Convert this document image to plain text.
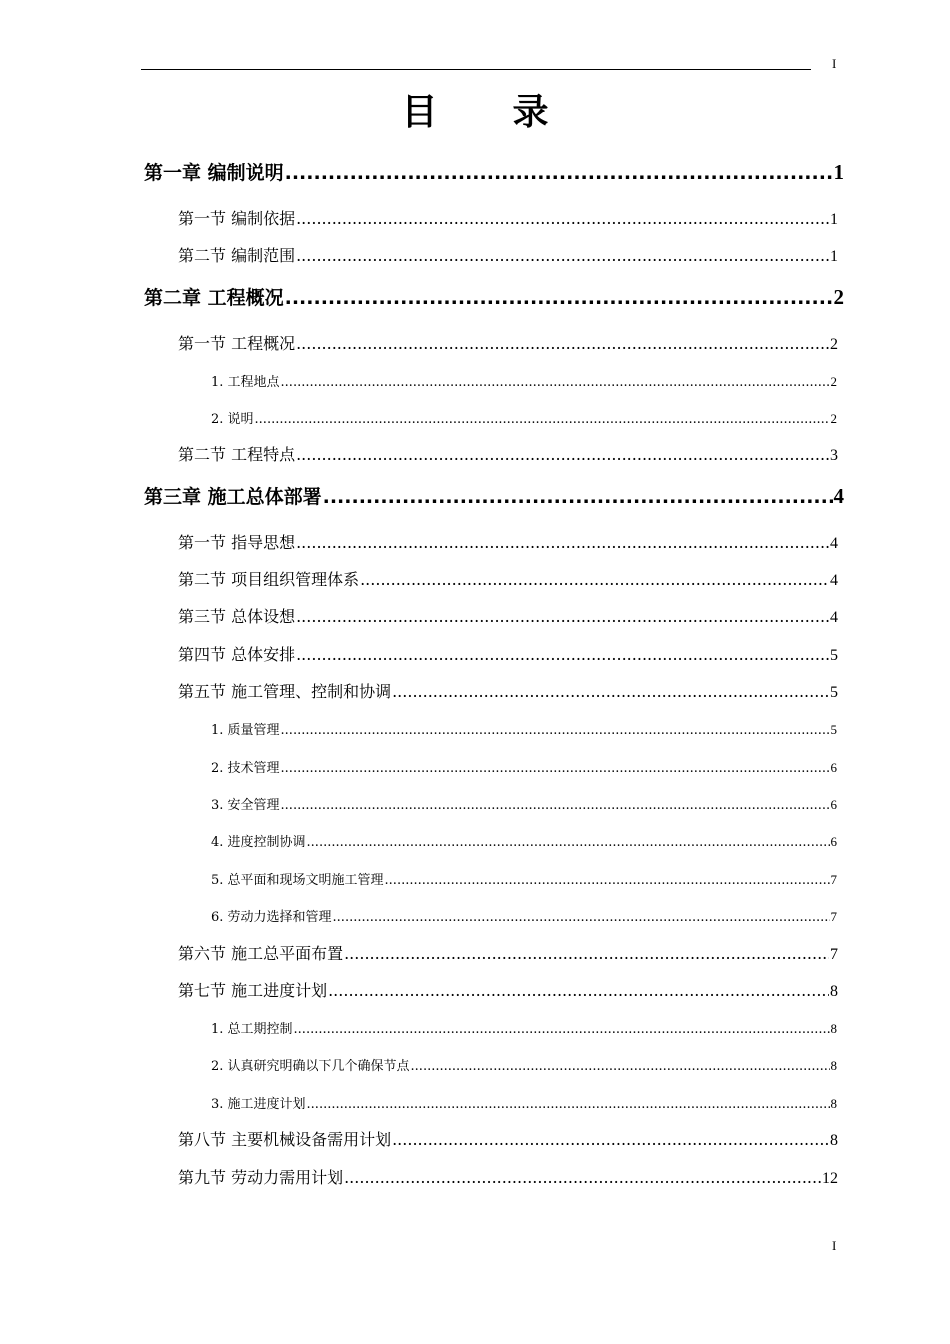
I
目 录
第一章 编制说明 .....	1
第一节 编制依据 .....	1
第二节 编制范围 .....	1
第二章 工程概况 .....	2
第一节 工程概况 .....	2
1. 工程地点 .....	2
2. 说明 .....	2
第二节 工程特点 .....	3
第三章 施工总体部署 .....	4
第一节 指导思想 .....	4
第二节 项目组织管理体系 .....	4
第三节 总体设想 .....	4
第四节 总体安排 .....	5
第五节 施工管理、控制和协调 .....	5
1. 质量管理 .....	5
2. 技术管理 .....	6
3. 安全管理 .....	6
4. 进度控制协调 .....	6
5. 总平面和现场文明施工管理 .....	7
6. 劳动力选择和管理 .....	7
第六节 施工总平面布置 .....	7
第七节 施工进度计划 .....	8
1. 总工期控制 .....	8
2. 认真研究明确以下几个确保节点 .....	8
3. 施工进度计划 .....	8
第八节 主要机械设备需用计划 .....	8
第九节 劳动力需用计划 .....	12
I
